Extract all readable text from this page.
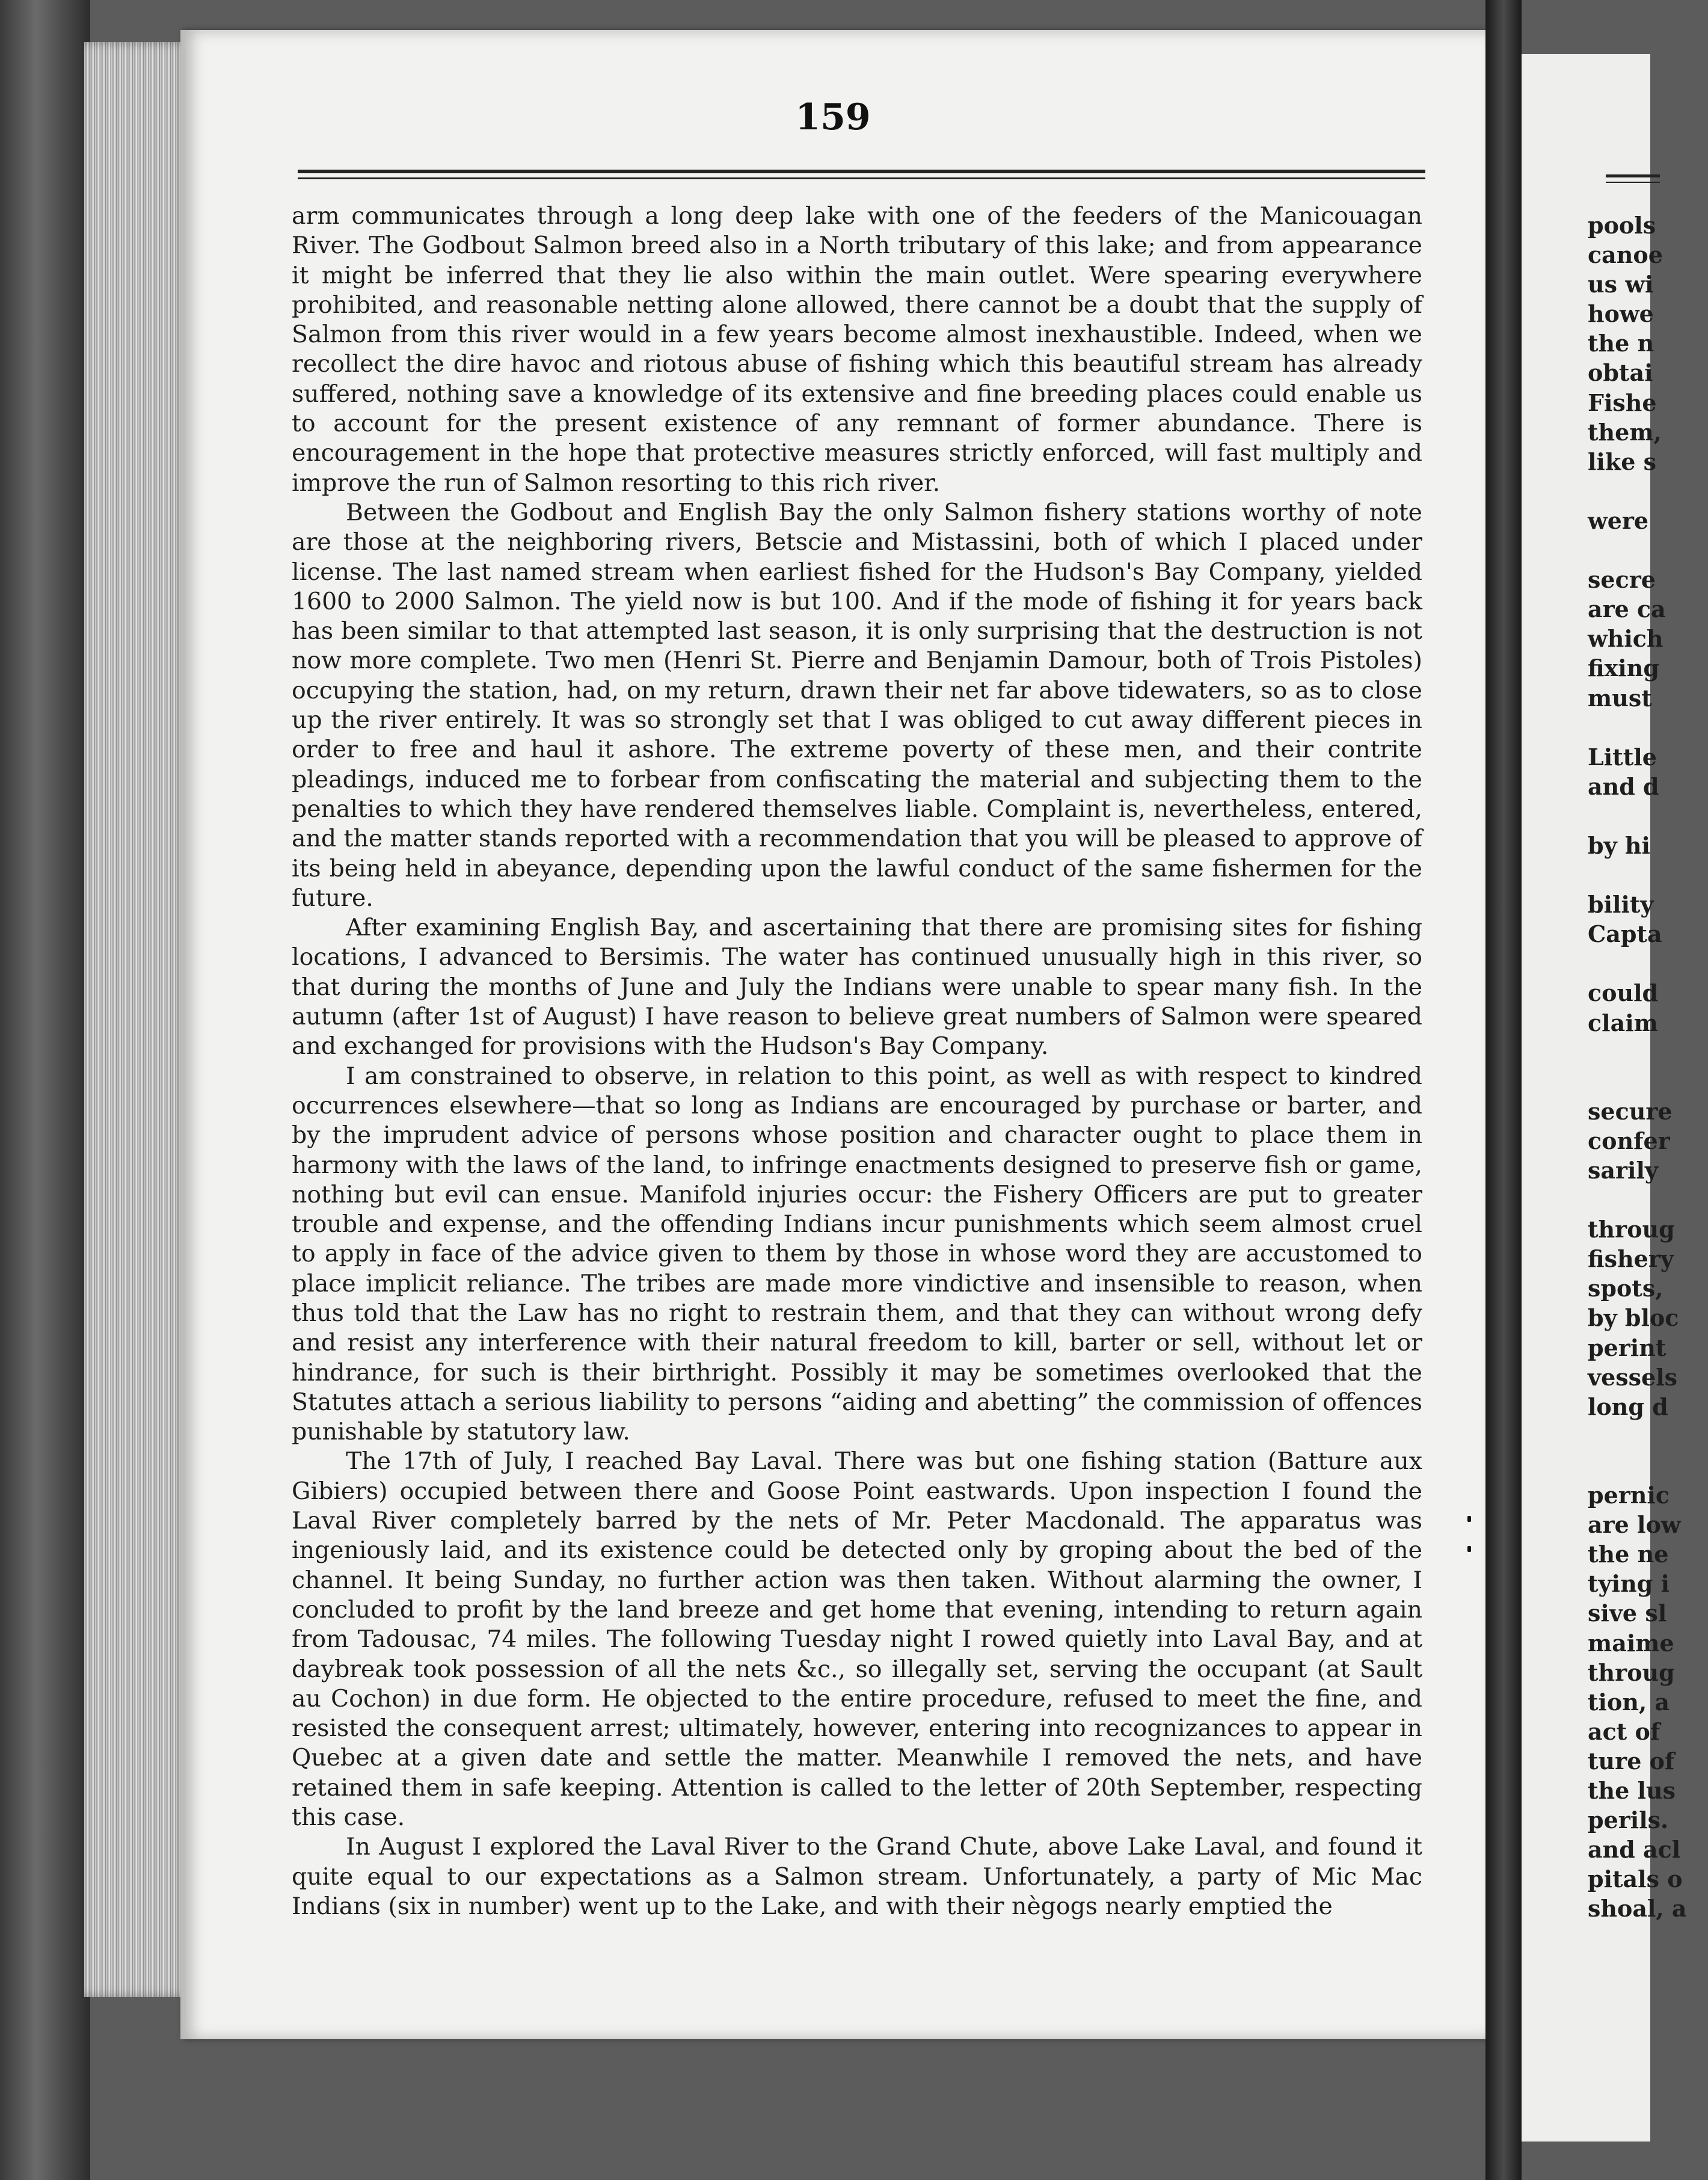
159

arm communicates through a long deep lake with one of the feeders of the Manicouagan River. The Godbout Salmon breed also in a North tributary of this lake; and from appearance it might be inferred that they lie also within the main outlet. Were spearing everywhere prohibited, and reasonable netting alone allowed, there cannot be a doubt that the supply of Salmon from this river would in a few years become almost inexhaustible. Indeed, when we recollect the dire havoc and riotous abuse of fishing which this beautiful stream has already suffered, nothing save a knowledge of its extensive and fine breeding places could enable us to account for the present existence of any remnant of former abundance. There is encouragement in the hope that protective measures strictly enforced, will fast multiply and improve the run of Salmon resorting to this rich river.

Between the Godbout and English Bay the only Salmon fishery stations worthy of note are those at the neighboring rivers, Betscie and Mistassini, both of which I placed under license. The last named stream when earliest fished for the Hudson's Bay Company, yielded 1600 to 2000 Salmon. The yield now is but 100. And if the mode of fishing it for years back has been similar to that attempted last season, it is only surprising that the destruction is not now more complete. Two men (Henri St. Pierre and Benjamin Damour, both of Trois Pistoles) occupying the station, had, on my return, drawn their net far above tidewaters, so as to close up the river entirely. It was so strongly set that I was obliged to cut away different pieces in order to free and haul it ashore. The extreme poverty of these men, and their contrite pleadings, induced me to forbear from confiscating the material and subjecting them to the penalties to which they have rendered themselves liable. Complaint is, nevertheless, entered, and the matter stands reported with a recommendation that you will be pleased to approve of its being held in abeyance, depending upon the lawful conduct of the same fishermen for the future.

After examining English Bay, and ascertaining that there are promising sites for fishing locations, I advanced to Bersimis. The water has continued unusually high in this river, so that during the months of June and July the Indians were unable to spear many fish. In the autumn (after 1st of August) I have reason to believe great numbers of Salmon were speared and exchanged for provisions with the Hudson's Bay Company.

I am constrained to observe, in relation to this point, as well as with respect to kindred occurrences elsewhere—that so long as Indians are encouraged by purchase or barter, and by the imprudent advice of persons whose position and character ought to place them in harmony with the laws of the land, to infringe enactments designed to preserve fish or game, nothing but evil can ensue. Manifold injuries occur: the Fishery Officers are put to greater trouble and expense, and the offending Indians incur punishments which seem almost cruel to apply in face of the advice given to them by those in whose word they are accustomed to place implicit reliance. The tribes are made more vindictive and insensible to reason, when thus told that the Law has no right to restrain them, and that they can without wrong defy and resist any interference with their natural freedom to kill, barter or sell, without let or hindrance, for such is their birthright. Possibly it may be sometimes overlooked that the Statutes attach a serious liability to persons “aiding and abetting” the commission of offences punishable by statutory law.

The 17th of July, I reached Bay Laval. There was but one fishing station (Batture aux Gibiers) occupied between there and Goose Point eastwards. Upon inspection I found the Laval River completely barred by the nets of Mr. Peter Macdonald. The apparatus was ingeniously laid, and its existence could be detected only by groping about the bed of the channel. It being Sunday, no further action was then taken. Without alarming the owner, I concluded to profit by the land breeze and get home that evening, intending to return again from Tadousac, 74 miles. The following Tuesday night I rowed quietly into Laval Bay, and at daybreak took possession of all the nets &c., so illegally set, serving the occupant (at Sault au Cochon) in due form. He objected to the entire procedure, refused to meet the fine, and resisted the consequent arrest; ultimately, however, entering into recognizances to appear in Quebec at a given date and settle the matter. Meanwhile I removed the nets, and have retained them in safe keeping. Attention is called to the letter of 20th September, respecting this case.

In August I explored the Laval River to the Grand Chute, above Lake Laval, and found it quite equal to our expectations as a Salmon stream. Unfortunately, a party of Mic Mac Indians (six in number) went up to the Lake, and with their nègogs nearly emptied the

pools
canoe
us wi
howe
the n
obtai
Fishe
them,
like s
were
secre
are ca
which
fixing
must
Little
and d
by hi
bility
Capta
could
claim
secure
confer
sarily
throug
fishery
spots,
by bloc
perint
vessels
long d
pernic
are low
the ne
tying i
sive sl
maime
throug
tion, a
act of
ture of
the lus
perils.
and acl
pitals o
shoal, a
